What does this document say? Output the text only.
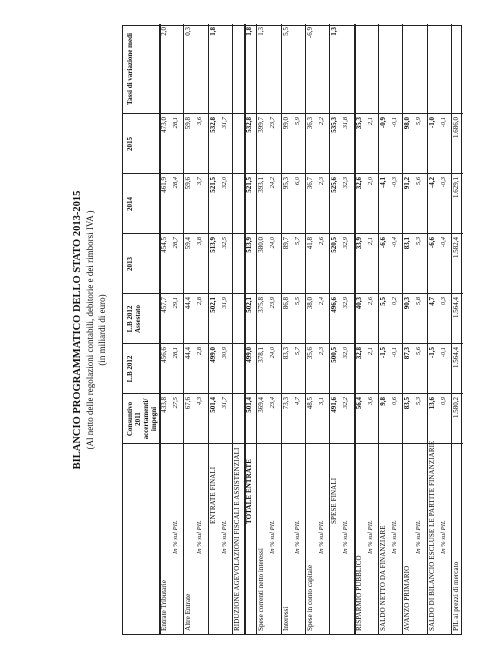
BILANCIO PROGRAMMATICO DELLO STATO 2013-2015 (Al netto delle regolazioni contabili, debitorie e dei rimborsi IVA ) (in miliardi di euro)
Consuntivo 2011 accertamenti/ impegni
L.B 2012
L.B 2012 Assestato
2013
2014
2015
Tassi di variazione medi
Entrate Tributarie
433,8
456,6
457,7
454,5
461,9
473,0
2,0
In % sul PIL
27,5
28,1
29,1
28,7
28,4
28,1
Altre Entrate
67,6
44,4
44,4
59,4
59,6
59,8
0,3
In % sul PIL
4,3
2,8
2,8
3,8
3,7
3,6
ENTRATE FINALI
501,4
499,0
502,1
513,9
521,5
532,8
1,8
In % sul PIL
31,7
30,9
31,9
32,5
32,0
31,7
RIDUZIONE AGEVOLAZIONI FISCALI E ASSISTENZIALI TOTALE ENTRATE
501,4
499,0
502,1
513,9
521,5
532,8
1,8
Spese correnti netto interessi
369,4
378,1
375,8
380,0
393,1
399,7
1,3
In % sul PIL
23,4
24,0
23,9
24,0
24,2
23,7
Interessi
73,3
83,3
86,8
89,7
95,3
99,0
5,5
In % sul PIL
4,7
5,7
5,5
5,7
6,0
5,9
Spese in conto capitale
48,5
35,6
38,0
41,8
36,7
36,3
-6,9
In % sul PIL
3,1
2,3
2,4
2,6
2,3
2,2
SPESE FINALI
491,6
500,5
496,6
520,5
525,6
535,3
1,3
In % sul PIL
32,2
32,0
32,9
32,9
32,3
31,8
RISPARMIO PUBBLICO
56,4
32,8
40,3
33,9
32,6
35,3
In % sul PIL
3,6
2,1
2,6
2,1
2,0
2,1
SALDO NETTO DA FINANZIARE
9,8
-1,5
5,5
-6,6
-4,1
-0,9
In % sul PIL
0,6
-0,1
0,2
-0,4
-0,3
-0,1
AVANZO PRIMARIO
83,5
87,3
90,3
83,1
91,2
98,0
In % sul PIL
5,3
5,6
5,8
5,3
5,6
5,9
SALDO DI BILANCIO ESCLUSE LE PARTITE FINANZIARIE
13,6
-1,5
4,7
-6,6
-4,2
-1,0
In % sul PIL
0,9
-0,1
0,3
-0,4
-0,3
-0,1
PIL ai prezzi di mercato
1.580,2
1.564,4
1.564,4
1.582,4
1.629,1
1.686,0
